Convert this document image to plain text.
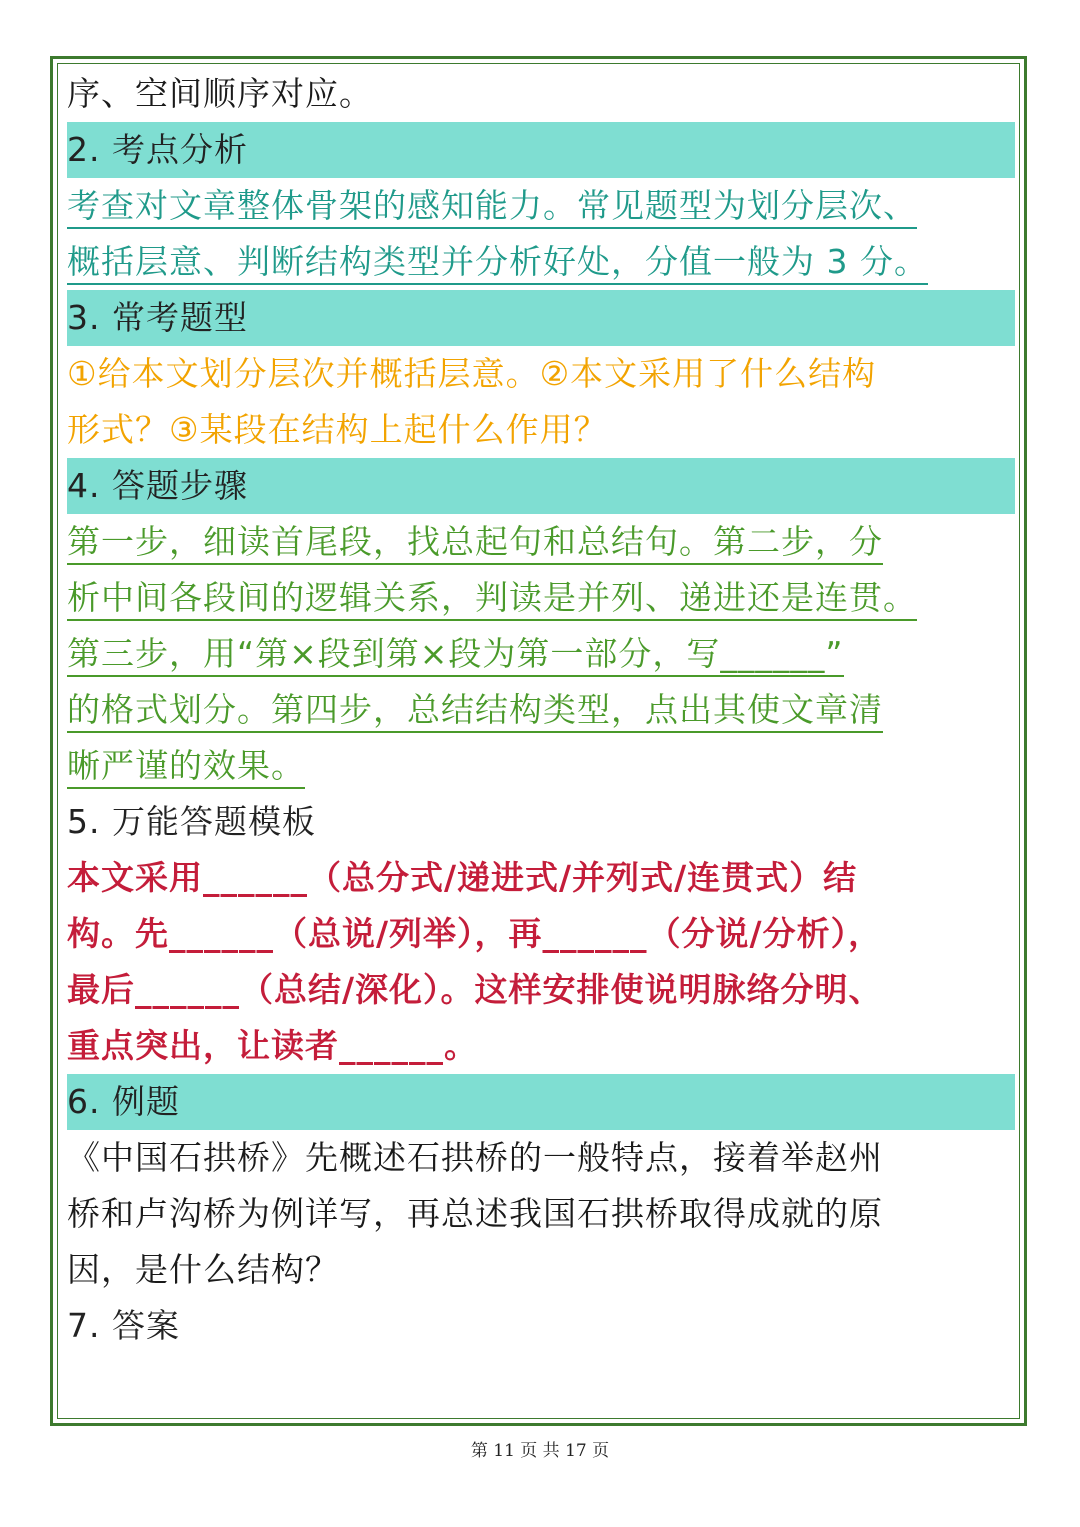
序、空间顺序对应。
2. 考点分析
考查对文章整体骨架的感知能力。常见题型为划分层次、
概括层意、判断结构类型并分析好处，分值一般为 3 分。
3. 常考题型
①给本文划分层次并概括层意。②本文采用了什么结构
形式？③某段在结构上起什么作用？
4. 答题步骤
第一步，细读首尾段，找总起句和总结句。第二步，分
析中间各段间的逻辑关系，判读是并列、递进还是连贯。
第三步，用“第×段到第×段为第一部分，写______”
的格式划分。第四步，总结结构类型，点出其使文章清
晰严谨的效果。
5. 万能答题模板
本文采用______（总分式/递进式/并列式/连贯式）结
构。先______（总说/列举），再______（分说/分析），
最后______（总结/深化）。这样安排使说明脉络分明、
重点突出，让读者______。
6. 例题
《中国石拱桥》先概述石拱桥的一般特点，接着举赵州
桥和卢沟桥为例详写，再总述我国石拱桥取得成就的原
因，是什么结构？
7. 答案
第 11 页 共 17 页
